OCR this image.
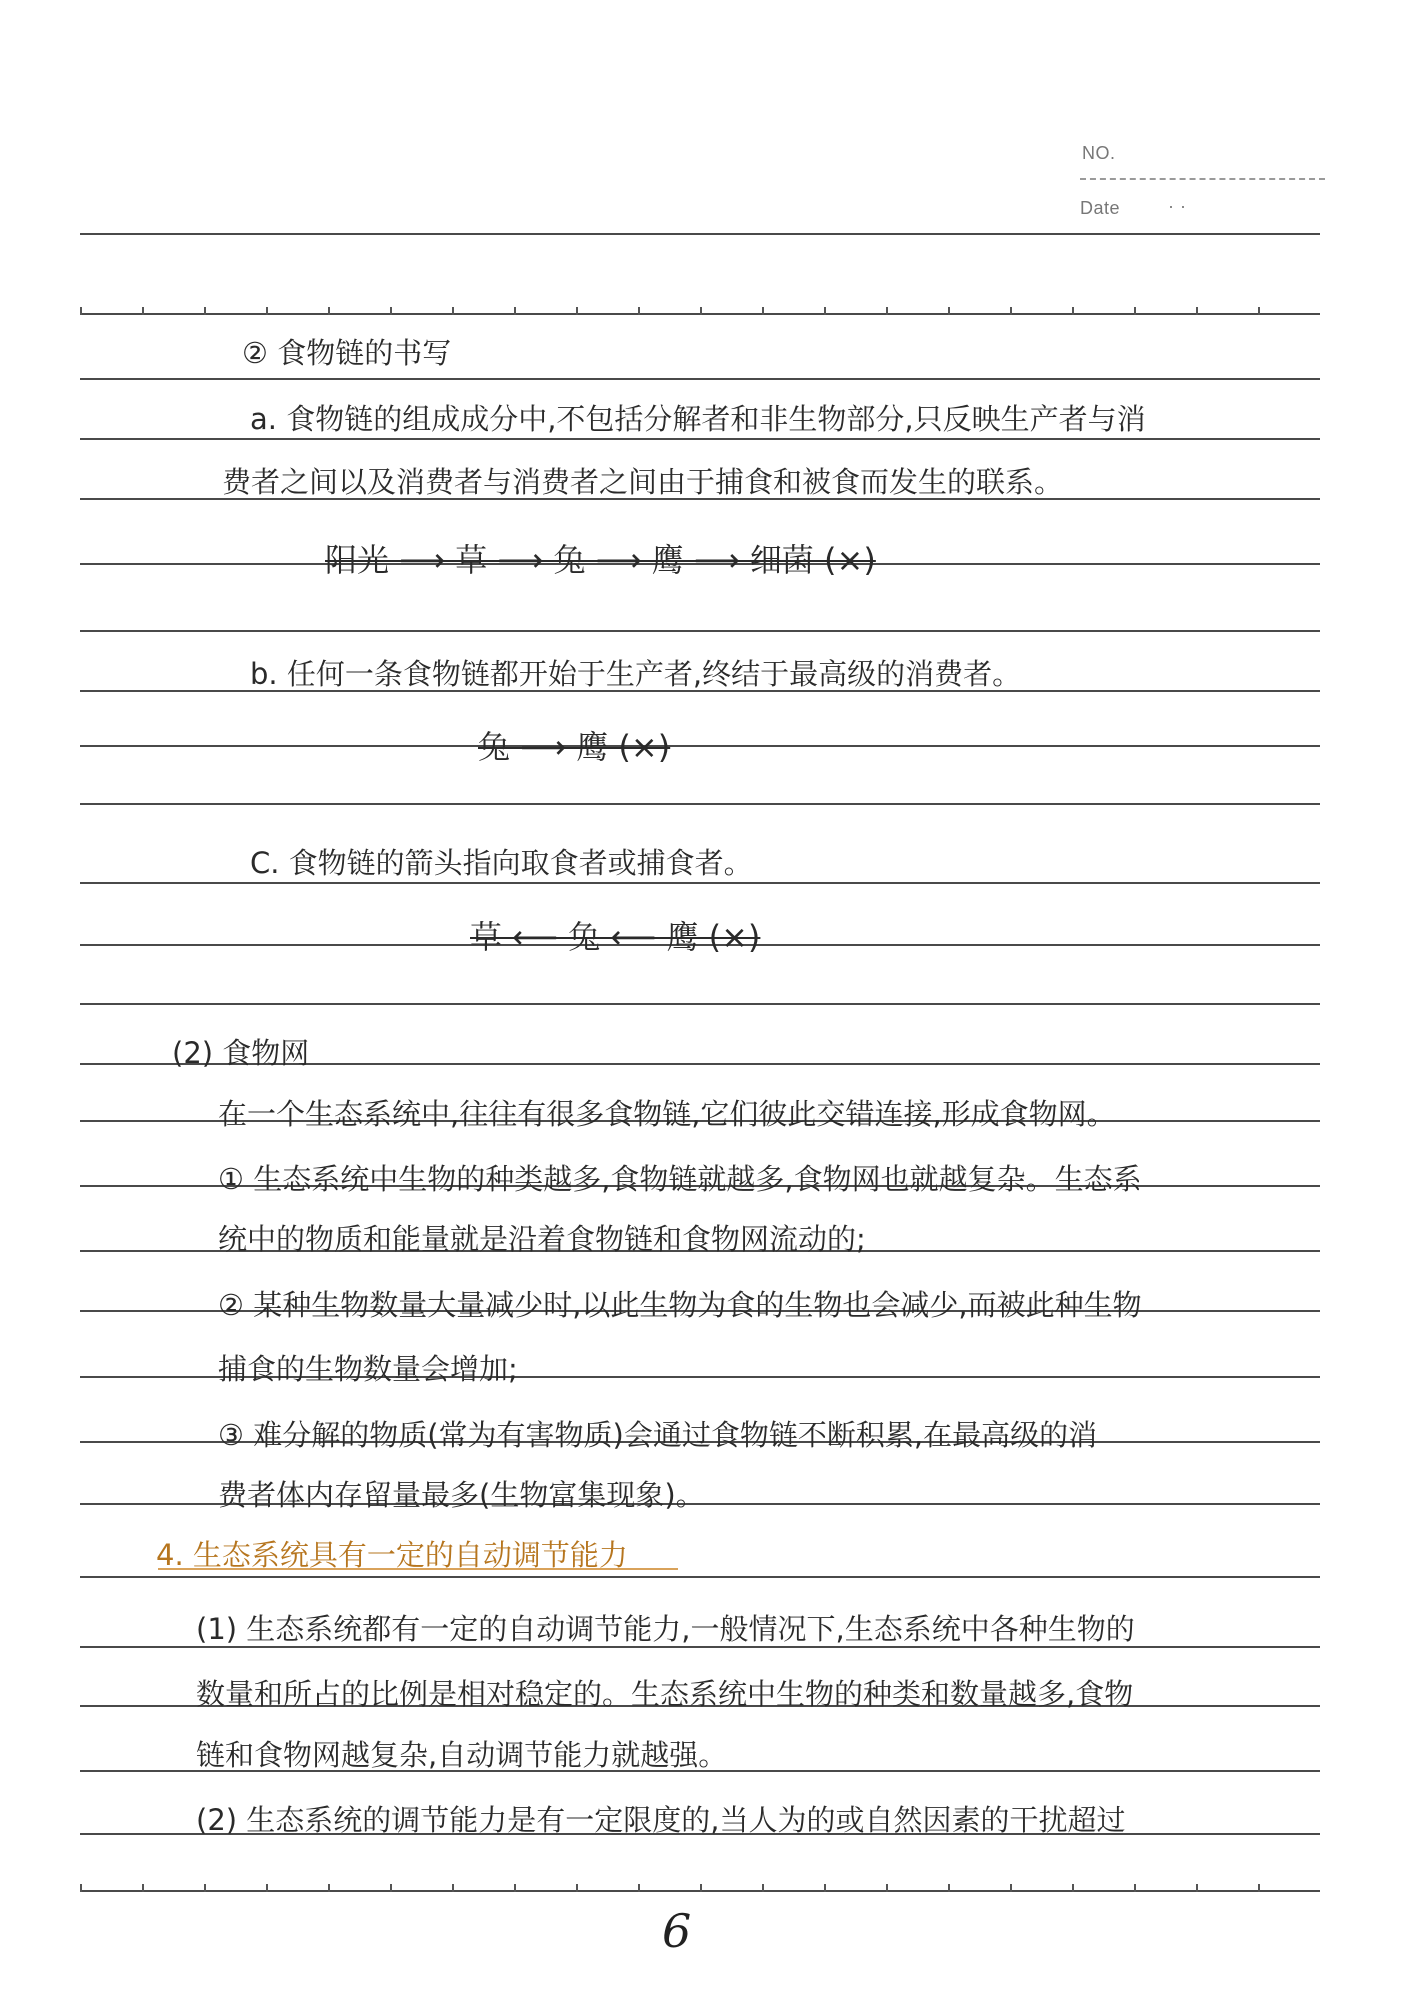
NO.
Date	· ·
② 食物链的书写
a. 食物链的组成成分中,不包括分解者和非生物部分,只反映生产者与消
费者之间以及消费者与消费者之间由于捕食和被食而发生的联系。
阳光 ⟶ 草 ⟶ 兔 ⟶ 鹰 ⟶ 细菌 (×)
b. 任何一条食物链都开始于生产者,终结于最高级的消费者。
兔 ⟶ 鹰 (×)
C. 食物链的箭头指向取食者或捕食者。
草 ⟵ 兔 ⟵ 鹰 (×)
(2) 食物网
在一个生态系统中,往往有很多食物链,它们彼此交错连接,形成食物网。
① 生态系统中生物的种类越多,食物链就越多,食物网也就越复杂。生态系
统中的物质和能量就是沿着食物链和食物网流动的;
② 某种生物数量大量减少时,以此生物为食的生物也会减少,而被此种生物
捕食的生物数量会增加;
③ 难分解的物质(常为有害物质)会通过食物链不断积累,在最高级的消
费者体内存留量最多(生物富集现象)。
4. 生态系统具有一定的自动调节能力
(1) 生态系统都有一定的自动调节能力,一般情况下,生态系统中各种生物的
数量和所占的比例是相对稳定的。生态系统中生物的种类和数量越多,食物
链和食物网越复杂,自动调节能力就越强。
(2) 生态系统的调节能力是有一定限度的,当人为的或自然因素的干扰超过
6
